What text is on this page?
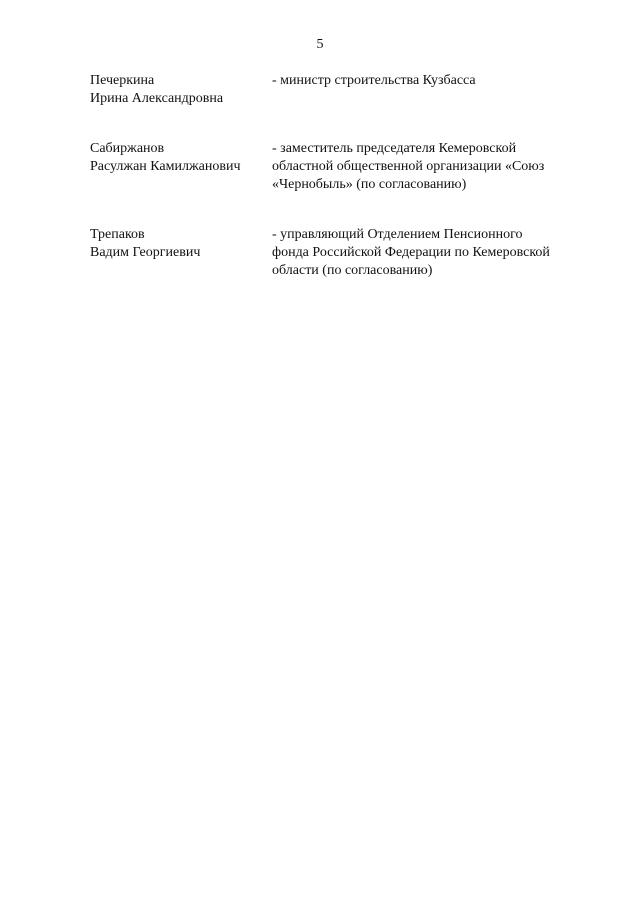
5
Печеркина
Ирина Александровна
- министр строительства Кузбасса
Сабиржанов
Расулжан Камилжанович
- заместитель председателя Кемеровской
областной общественной организации «Союз
«Чернобыль» (по согласованию)
Трепаков
Вадим Георгиевич
- управляющий Отделением Пенсионного
фонда Российской Федерации по Кемеровской
области (по согласованию)
